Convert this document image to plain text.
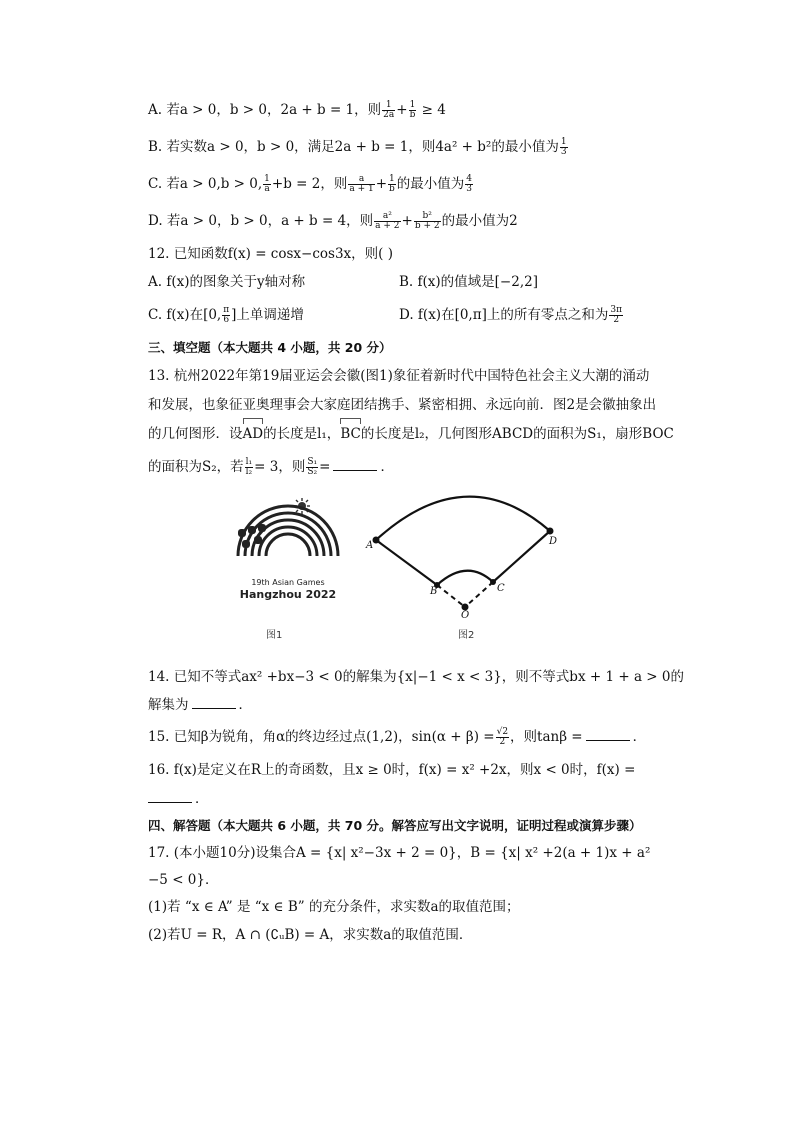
A. 若a > 0，b > 0，2a + b = 1，则 $\frac{1}{2a} + \frac{1}{b} \ge 4$
B. 若实数a > 0，b > 0，满足2a + b = 1，则4a² + b²的最小值为 $\frac{1}{3}$
C. 若a > 0,b > 0, $\frac{1}{a} +b = 2$，则 $\frac{a}{a + 1} + \frac{1}{b}$ 的最小值为 $\frac{4}{3}$
D. 若a > 0，b > 0，a + b = 4，则 $\frac{\text{a²}}{a + 2} + \frac{\text{b²}}{b + 2}$ 的最小值为2
12. 已知函数f(x) = cosx−cos3x，则( )
A. f(x)的图象关于y轴对称	B. f(x)的值域是[−2,2]
C. f(x)在[0, $\frac{\pi}{6}$ ]上单调递增	D. f(x)在[0,π]上的所有零点之和为 $\frac{3\pi}{2}$
三、填空题（本大题共 4 小题，共 20 分）
13. 杭州2022年第19届亚运会会徽(图1)象征着新时代中国特色社会主义大潮的涌动
和发展，也象征亚奥理事会大家庭团结携手、紧密相拥、永远向前．图2是会徽抽象出
的几何图形．设AD的长度是l₁，BC的长度是l₂，几何图形ABCD的面积为S₁，扇形BOC
的面积为S₂，若 $\frac{\text{l₁}}{\text{l₂}} = 3$，则 $\frac{\text{S₁}}{\text{S₂}}$ =	．
19th Asian Games
Hangzhou 2022
图1
A	D
B	C
O
图2
14. 已知不等式ax² +bx−3 < 0的解集为{x|−1 < x < 3}，则不等式bx + 1 + a > 0的
解集为	．
15. 已知β为锐角，角α的终边经过点(1,2)，$\sin(\alpha + \beta) = \frac{√2}{2}$ ，则tanβ =	．
16. f(x)是定义在R上的奇函数，且x ≥ 0时，f(x) = x² +2x，则x < 0时，f(x) =
．
四、解答题（本大题共 6 小题，共 70 分。解答应写出文字说明，证明过程或演算步骤）
17. (本小题10分)设集合A = {x| x²−3x + 2 = 0}，B = {x| x² +2(a + 1)x + a²
−5 < 0}．
(1)若 “x ∈ A” 是 “x ∈ B” 的充分条件，求实数a的取值范围；
(2)若U = R，A ∩ (∁ᵤB) = A，求实数a的取值范围．
